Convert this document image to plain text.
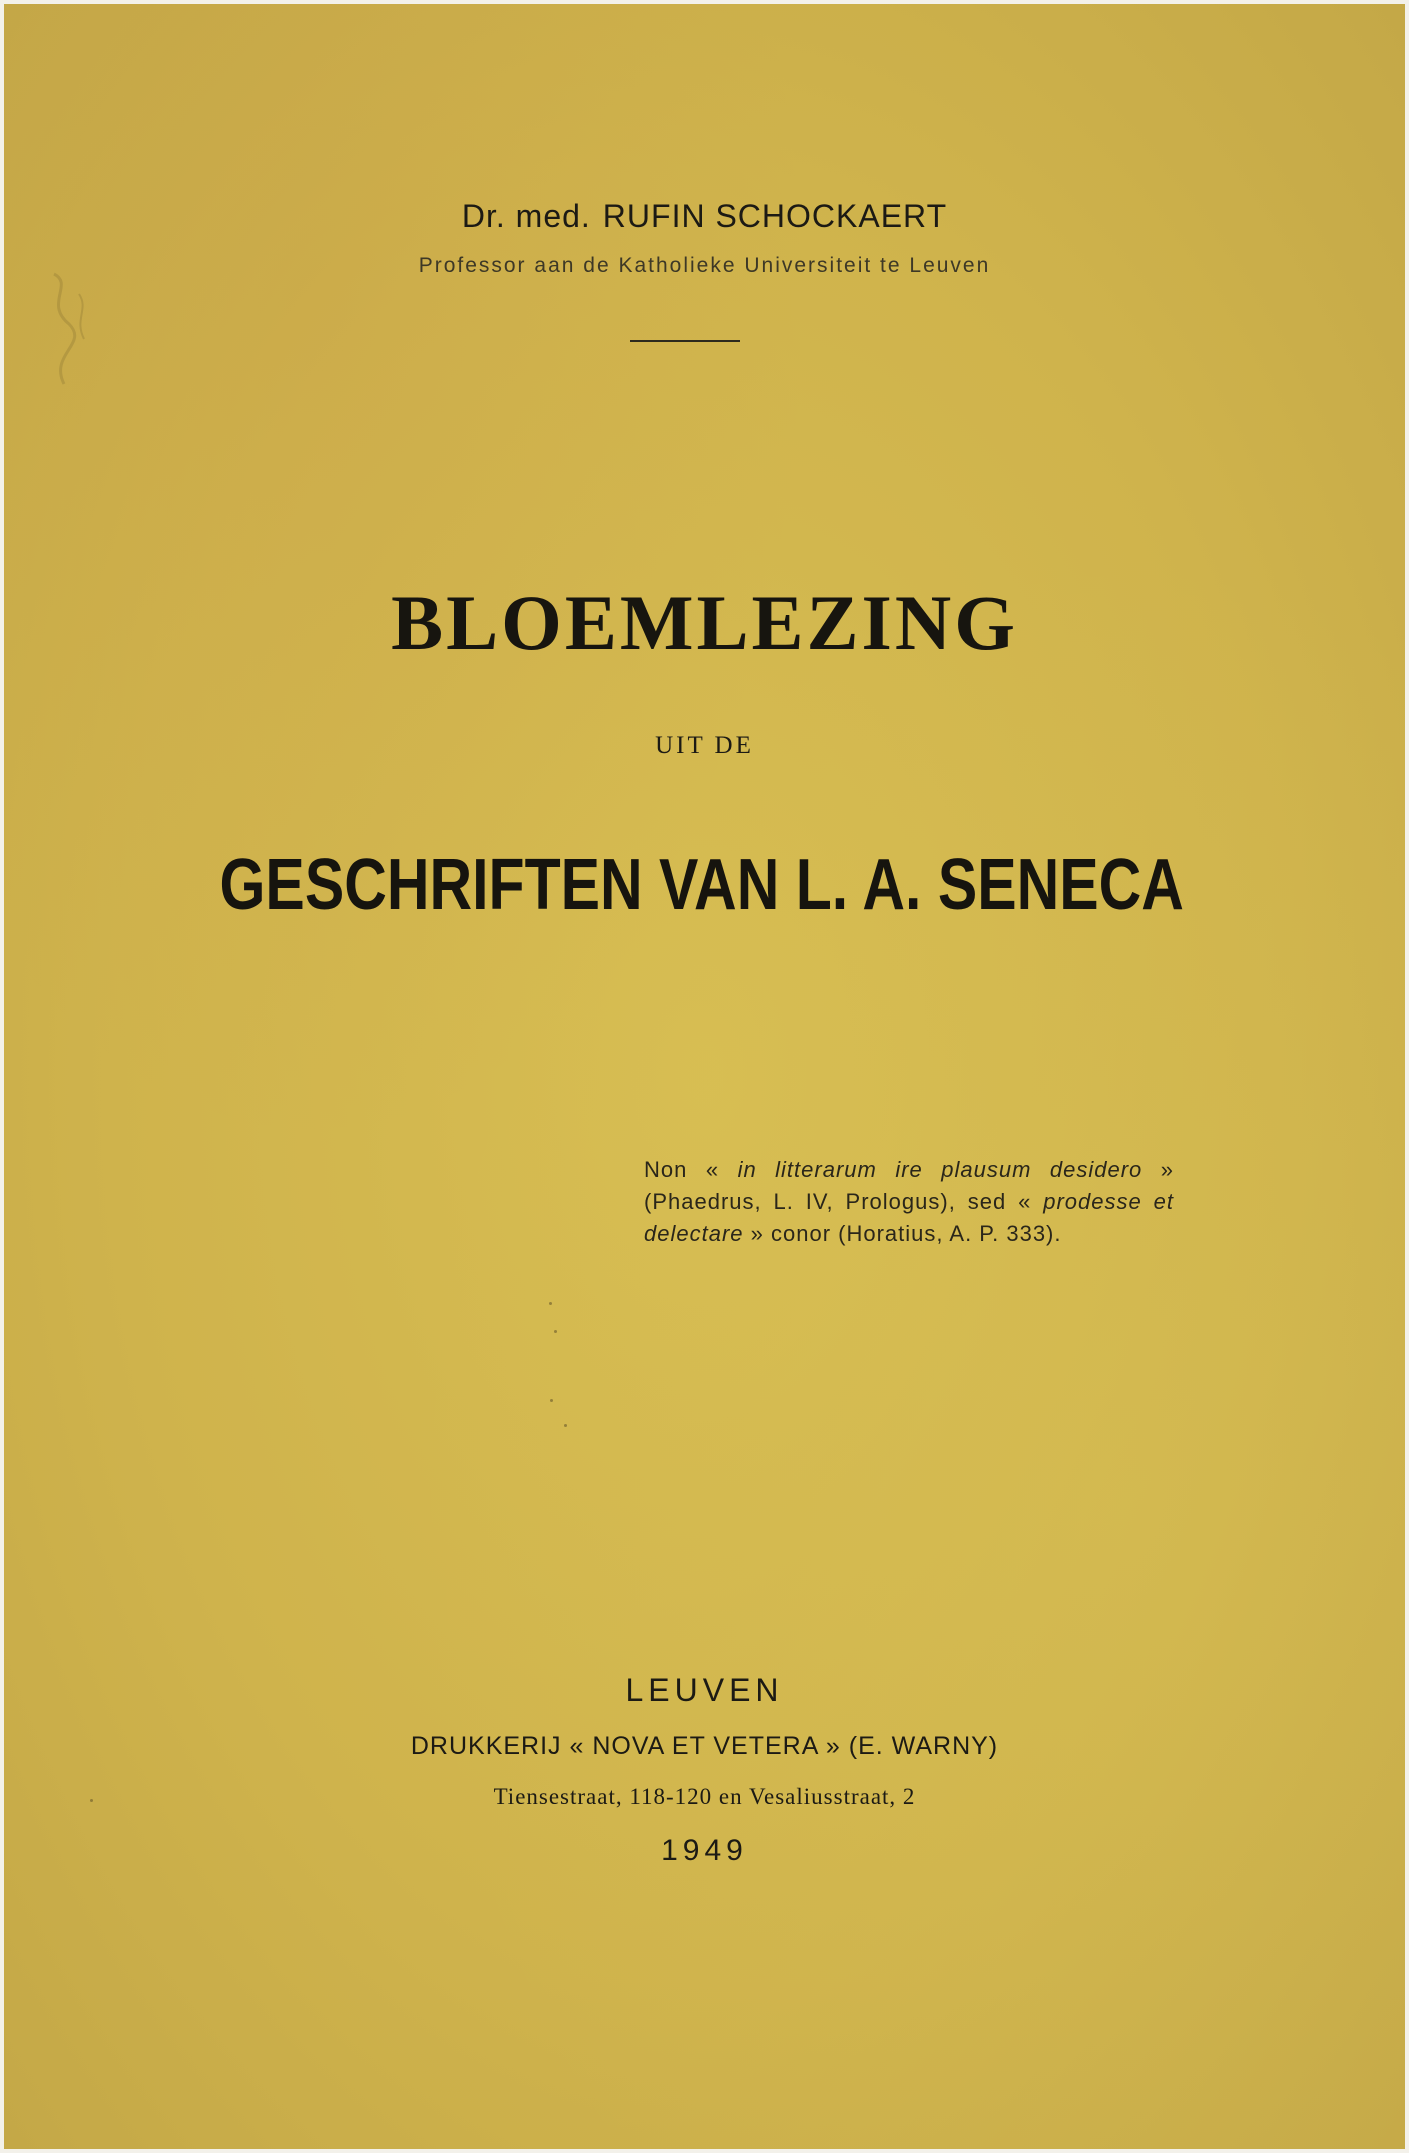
Dr. med. RUFIN SCHOCKAERT
Professor aan de Katholieke Universiteit te Leuven
BLOEMLEZING
UIT DE
GESCHRIFTEN VAN L. A. SENECA
Non « in litterarum ire plausum desidero » (Phaedrus, L. IV, Prologus), sed « prodesse et delectare » conor (Horatius, A. P. 333).
LEUVEN
DRUKKERIJ « NOVA ET VETERA » (E. WARNY)
Tiensestraat, 118-120 en Vesaliusstraat, 2
1949
